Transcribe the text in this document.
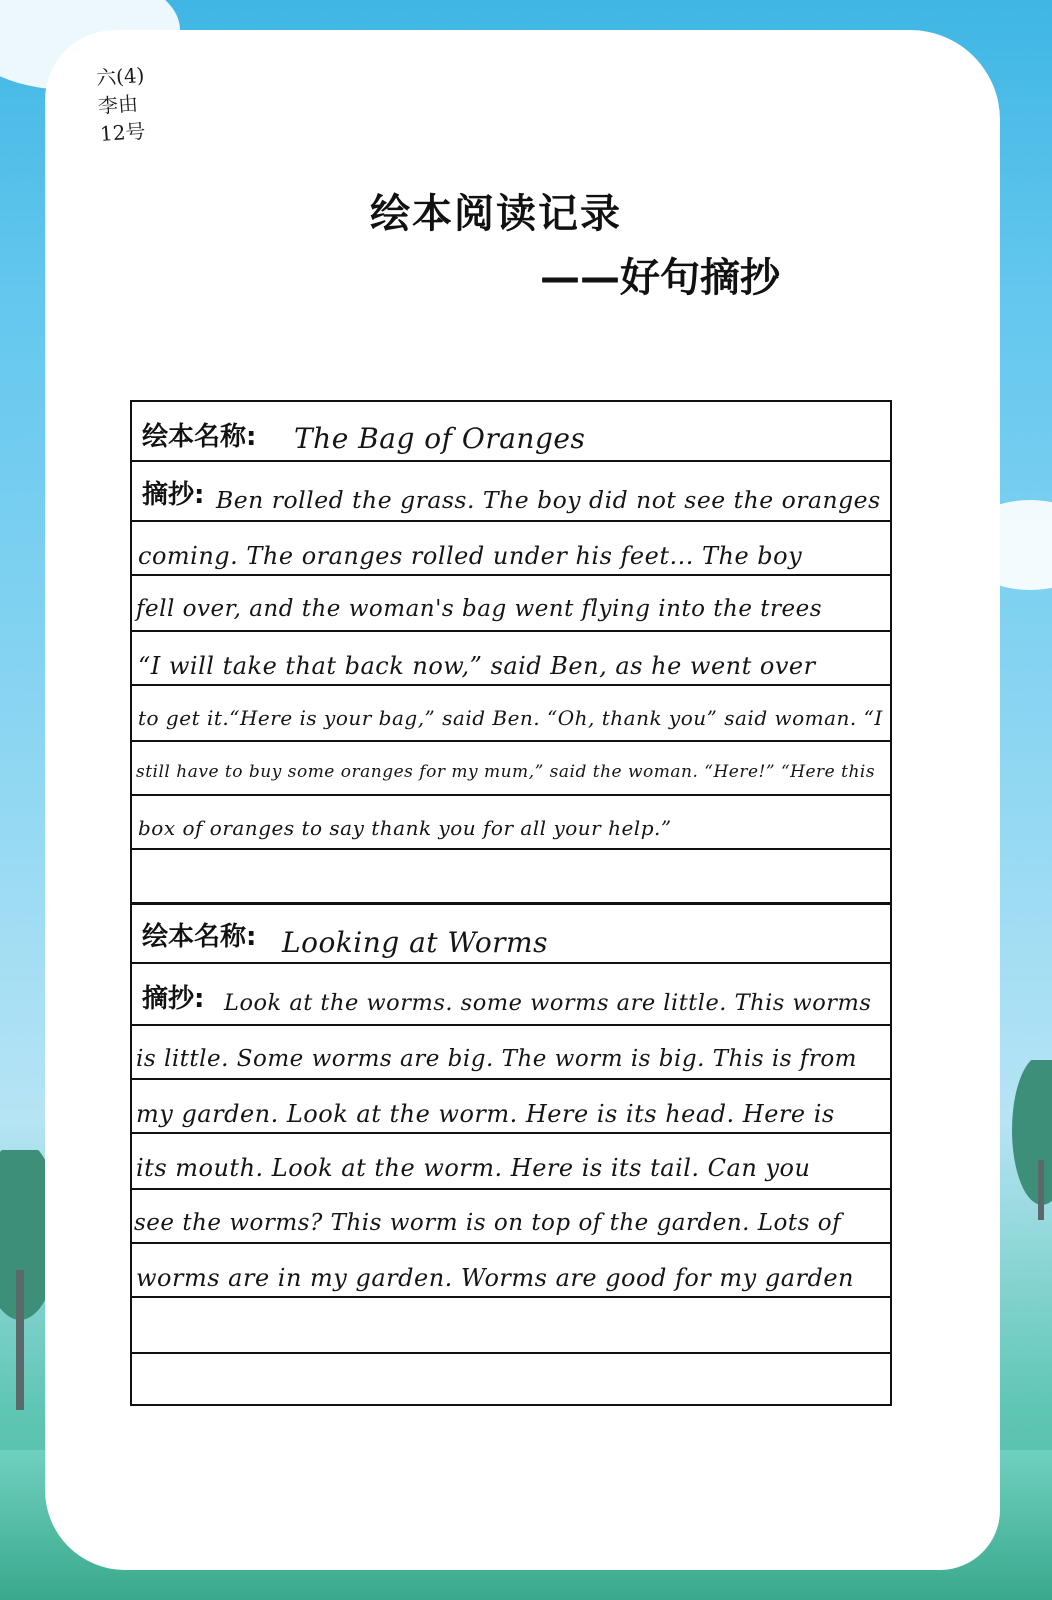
六(4)
李由
12号
绘本阅读记录
——好句摘抄
绘本名称: The Bag of Oranges
摘抄: Ben rolled the grass. The boy did not see the oranges
coming. The oranges rolled under his feet... The boy
fell over, and the woman's bag went flying into the trees
“I will take that back now,” said Ben, as he went over
to get it.“Here is your bag,” said Ben. “Oh, thank you” said woman. “I
still have to buy some oranges for my mum,” said the woman. “Here!” “Here this
box of oranges to say thank you for all your help.”
绘本名称: Looking at Worms
摘抄: Look at the worms. some worms are little. This worms
is little. Some worms are big. The worm is big. This is from
my garden. Look at the worm. Here is its head. Here is
its mouth. Look at the worm. Here is its tail. Can you
see the worms? This worm is on top of the garden. Lots of
worms are in my garden. Worms are good for my garden
